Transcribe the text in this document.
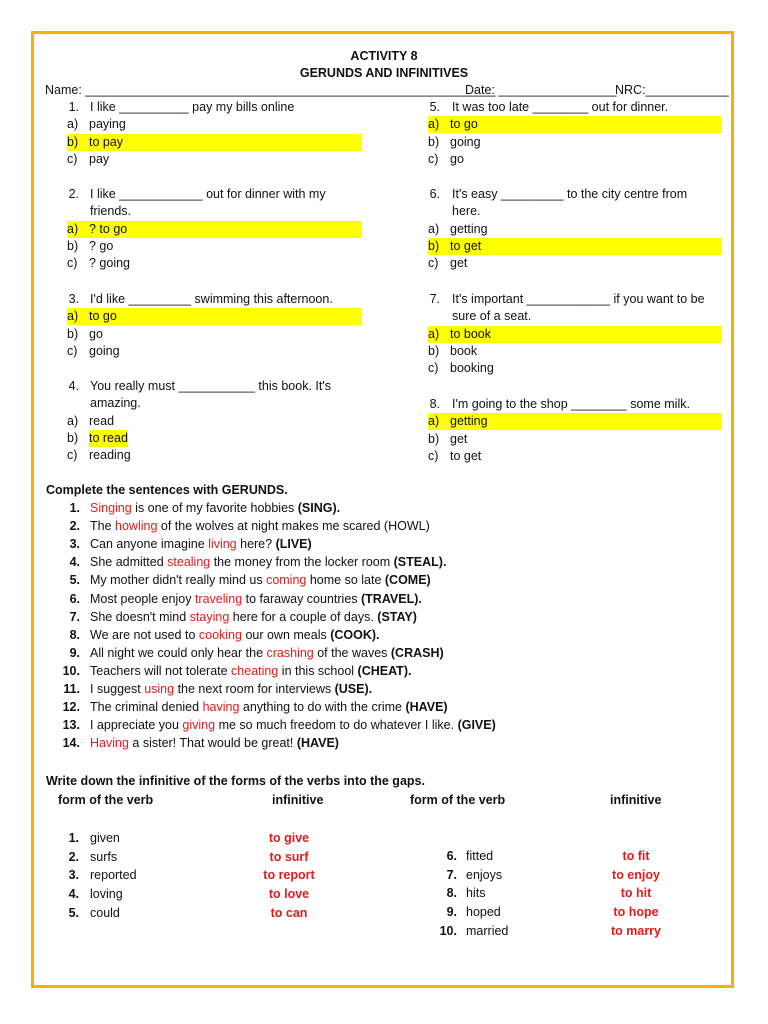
ACTIVITY 8
GERUNDS AND INFINITIVES
Name: ___________________________________________________________
Date: _________________
NRC:____________
1. I like __________ pay my bills online
a) paying
b) to pay
c) pay
2. I like ____________ out for dinner with my
friends.
a) ? to go
b) ? go
c) ? going
3. I'd like _________ swimming this afternoon.
a) to go
b) go
c) going
4. You really must ___________ this book. It's
amazing.
a) read
b) to read
c) reading
5. It was too late ________ out for dinner.
a) to go
b) going
c) go
6. It's easy _________ to the city centre from
here.
a) getting
b) to get
c) get
7. It's important ____________ if you want to be
sure of a seat.
a) to book
b) book
c) booking
8. I'm going to the shop ________ some milk.
a) getting
b) get
c) to get
Complete the sentences with GERUNDS.
1. Singing is one of my favorite hobbies (SING).
2. The howling of the wolves at night makes me scared (HOWL)
3. Can anyone imagine living here? (LIVE)
4. She admitted stealing the money from the locker room (STEAL).
5. My mother didn't really mind us coming home so late (COME)
6. Most people enjoy traveling to faraway countries (TRAVEL).
7. She doesn't mind staying here for a couple of days. (STAY)
8. We are not used to cooking our own meals (COOK).
9. All night we could only hear the crashing of the waves (CRASH)
10. Teachers will not tolerate cheating in this school (CHEAT).
11. I suggest using the next room for interviews (USE).
12. The criminal denied having anything to do with the crime (HAVE)
13. I appreciate you giving me so much freedom to do whatever I like. (GIVE)
14. Having a sister! That would be great! (HAVE)
Write down the infinitive of the forms of the verbs into the gaps.
form of the verb	infinitive	form of the verb	infinitive
1. given	to give
2. surfs	to surf
3. reported	to report
4. loving	to love
5. could	to can
6. fitted	to fit
7. enjoys	to enjoy
8. hits	to hit
9. hoped	to hope
10. married	to marry
